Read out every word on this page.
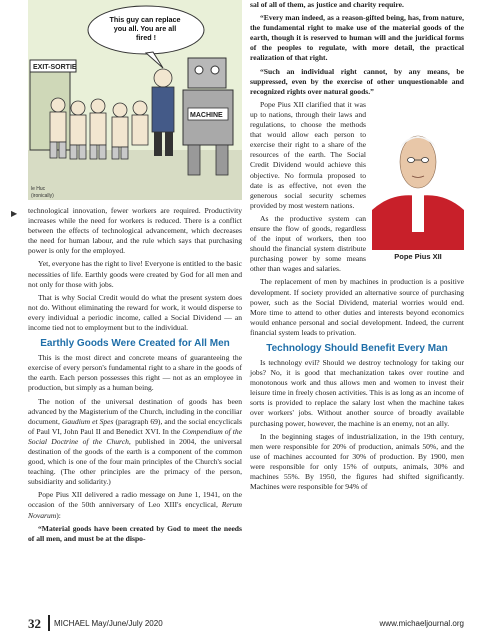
EXIT-SORTIE
MACHINE
This guy can replace you all. You are all fired !
le Huc
(ironically)

technological innovation, fewer workers are required. Productivity increases while the need for workers is reduced. There is a conflict between the effects of technological advancement, which decreases the need for human labour, and the rule which says that purchasing power is only for the employed.

Yet, everyone has the right to live! Everyone is entitled to the basic necessities of life. Earthly goods were created by God for all men and not only for those with jobs.

That is why Social Credit would do what the present system does not do. Without eliminating the reward for work, it would disperse to every individual a periodic income, called a Social Dividend — an income tied not to employment but to the individual.

Earthly Goods Were Created for All Men

This is the most direct and concrete means of guaranteeing the exercise of every person's fundamental right to a share in the goods of the earth. Each person possesses this right — not as an employee in production, but simply as a human being.

The notion of the universal destination of goods has been advanced by the Magisterium of the Church, including in the conciliar document, Gaudium et Spes (paragraph 69), and the social encyclicals of Paul VI, John Paul II and Benedict XVI. In the Compendium of the Social Doctrine of the Church, published in 2004, the universal destination of the goods of the earth is a component of the common good, which is one of the four main principles of the Church's social teaching. (The other principles are the primacy of the person, subsidiarity and solidarity.)

Pope Pius XII delivered a radio message on June 1, 1941, on the occasion of the 50th anniversary of Leo XIII's encyclical, Rerum Novarum):

“Material goods have been created by God to meet the needs of all men, and must be at the dispo-

▶

sal of all of them, as justice and charity require.

“Every man indeed, as a reason-gifted being, has, from nature, the fundamental right to make use of the material goods of the earth, though it is reserved to human will and the juridical forms of the peoples to regulate, with more detail, the practical realization of that right.

“Such an individual right cannot, by any means, be suppressed, even by the exercise of other unquestionable and recognized rights over natural goods.”

Pope Pius XII

Pope Pius XII clarified that it was up to nations, through their laws and regulations, to choose the methods that would allow each person to exercise their right to a share of the resources of the earth. The Social Credit Dividend would achieve this objective. No formula proposed to date is as effective, not even the generous social security schemes provided by most western nations.

As the productive system can ensure the flow of goods, regardless of the input of workers, then too should the financial system distribute purchasing power by some means other than wages and salaries.

The replacement of men by machines in production is a positive development. If society provided an alternative source of purchasing power, such as the Social Dividend, material worries would end. More time to attend to other duties and interests beyond economics would enhance personal and social development. Indeed, the current financial system leads to privation.

Technology Should Benefit Every Man

Is technology evil? Should we destroy technology for taking our jobs? No, it is good that mechanization takes over routine and monotonous work and thus allows men and women to invest their leisure time in freely chosen activities. This is as long as an income of sorts is provided to replace the salary lost when the machine takes over workers' jobs. Without another source of broadly available purchasing power, however, the machine is an enemy, not an ally.

In the beginning stages of industrialization, in the 19th century, men were responsible for 20% of production, animals 50%, and the use of machines accounted for 30% of production. By 1900, men were responsible for only 15% of outputs, animals, 30% and machines 55%. By 1950, the figures had shifted significantly. Machines were responsible for 94% of

32 MICHAEL May/June/July 2020	www.michaeljournal.org
